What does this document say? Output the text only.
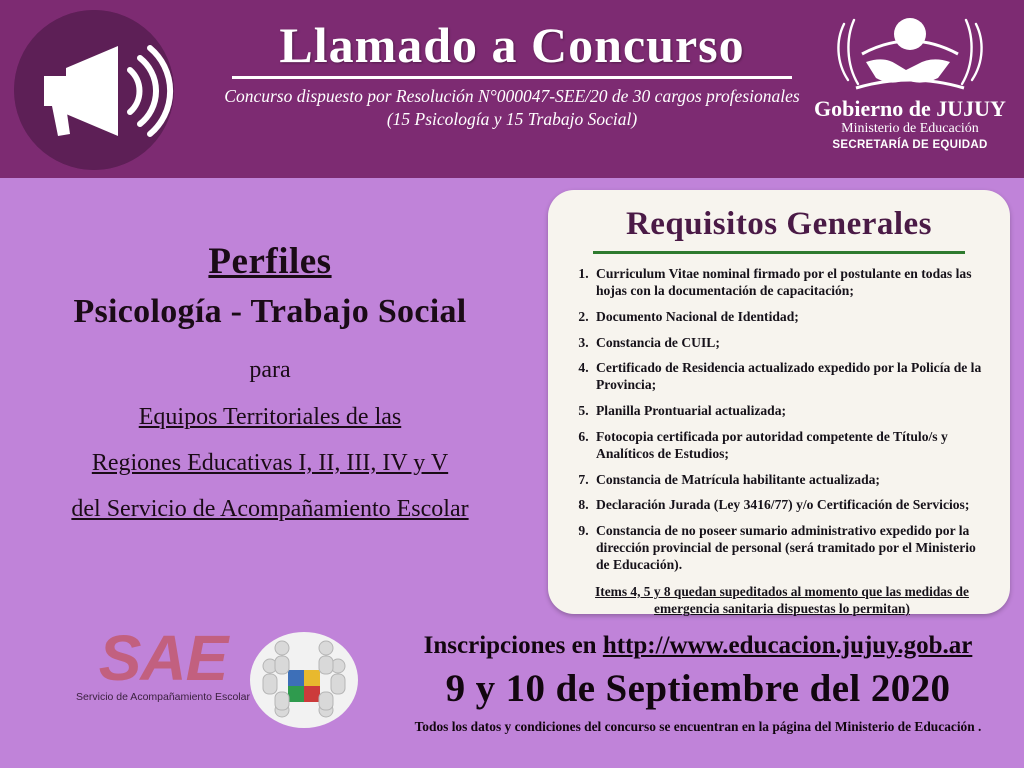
Llamado a Concurso

Concurso dispuesto por Resolución N°000047-SEE/20 de 30 cargos profesionales

(15 Psicología y 15 Trabajo Social)	Gobierno de JUJUY
Ministerio de Educación
SECRETARÍA DE EQUIDAD
Perfiles
Psicología - Trabajo Social

para

Equipos Territoriales de las

Regiones Educativas I, II, III, IV y V

del Servicio de Acompañamiento Escolar

Requisitos Generales
1. Curriculum Vitae nominal firmado por el postulante en todas las hojas con la documentación de capacitación;
2. Documento Nacional de Identidad;
3. Constancia de CUIL;
4. Certificado de Residencia actualizado expedido por la Policía de la Provincia;
5. Planilla Prontuarial actualizada;
6. Fotocopia certificada por autoridad competente de Título/s y Analíticos de Estudios;
7. Constancia de Matrícula habilitante actualizada;
8. Declaración Jurada (Ley 3416/77) y/o Certificación de Servicios;
9. Constancia de no poseer sumario administrativo expedido por la dirección provincial de personal (será tramitado por el Ministerio de Educación).

Items 4, 5 y 8 quedan supeditados al momento que las medidas de emergencia sanitaria dispuestas lo permitan)

SAE

Servicio de Acompañamiento Escolar

Inscripciones en http://www.educacion.jujuy.gob.ar

9 y 10 de Septiembre del 2020

Todos los datos y condiciones del concurso se encuentran en la página del Ministerio de Educación .
